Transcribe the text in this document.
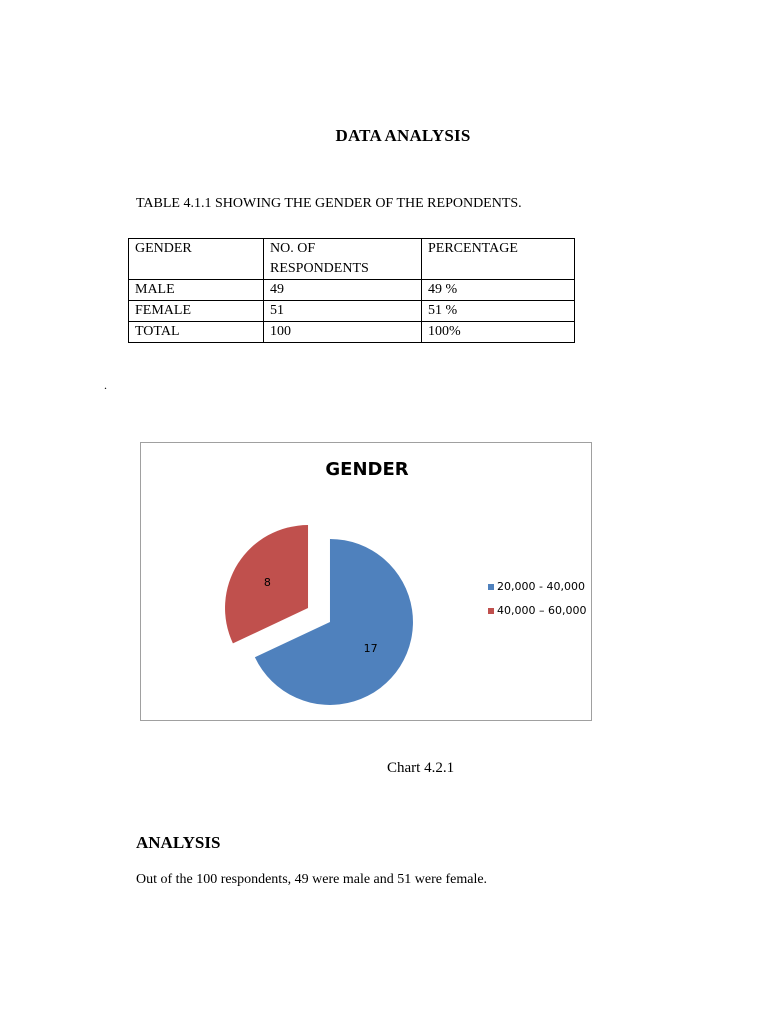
DATA ANALYSIS
TABLE 4.1.1 SHOWING THE GENDER OF THE REPONDENTS.
GENDER	NO. OF RESPONDENTS	PERCENTAGE
MALE	49	49 %
FEMALE	51	51 %
TOTAL	100	100%
.
GENDER
17
8	20,000 - 40,000
40,000 – 60,000
Chart 4.2.1
ANALYSIS
Out of the 100 respondents, 49 were male and 51 were female.
